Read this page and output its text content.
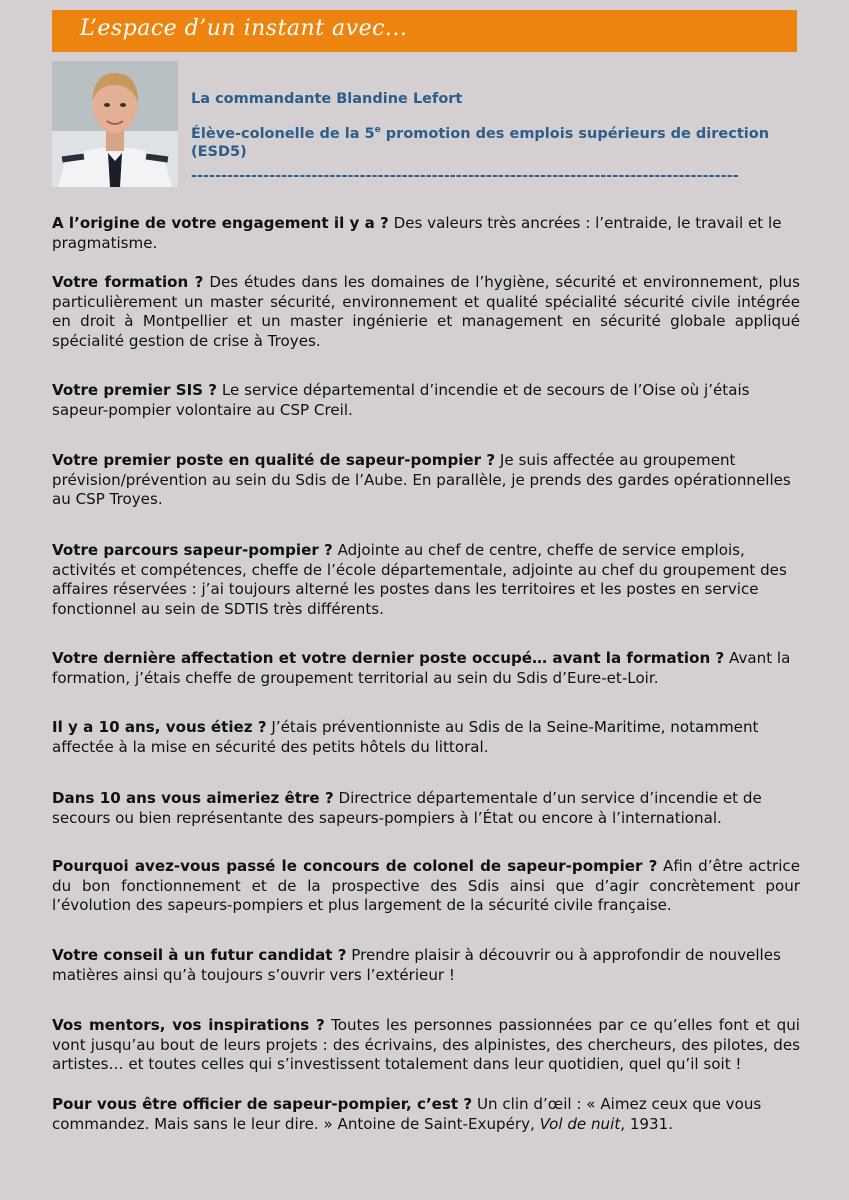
L’espace d’un instant avec...

La commandante Blandine Lefort

Élève-colonelle de la 5e promotion des emplois supérieurs de direction (ESD5)

-------------------------------------------------------------------------------------------

A l’origine de votre engagement il y a ? Des valeurs très ancrées : l’entraide, le travail et le pragmatisme.

Votre formation ? Des études dans les domaines de l’hygiène, sécurité et environnement, plus particulièrement un master sécurité, environnement et qualité spécialité sécurité civile intégrée en droit à Montpellier et un master ingénierie et management en sécurité globale appliqué spécialité gestion de crise à Troyes.

Votre premier SIS ? Le service départemental d’incendie et de secours de l’Oise où j’étais sapeur-pompier volontaire au CSP Creil.

Votre premier poste en qualité de sapeur-pompier ? Je suis affectée au groupement prévision/prévention au sein du Sdis de l’Aube. En parallèle, je prends des gardes opérationnelles au CSP Troyes.

Votre parcours sapeur-pompier ? Adjointe au chef de centre, cheffe de service emplois, activités et compétences, cheffe de l’école départementale, adjointe au chef du groupement des affaires réservées : j’ai toujours alterné les postes dans les territoires et les postes en service fonctionnel au sein de SDTIS très différents.

Votre dernière affectation et votre dernier poste occupé… avant la formation ? Avant la formation, j’étais cheffe de groupement territorial au sein du Sdis d’Eure-et-Loir.

Il y a 10 ans, vous étiez ? J’étais préventionniste au Sdis de la Seine-Maritime, notamment affectée à la mise en sécurité des petits hôtels du littoral.

Dans 10 ans vous aimeriez être ? Directrice départementale d’un service d’incendie et de secours ou bien représentante des sapeurs-pompiers à l’État ou encore à l’international.

Pourquoi avez-vous passé le concours de colonel de sapeur-pompier ? Afin d’être actrice du bon fonctionnement et de la prospective des Sdis ainsi que d’agir concrètement pour l’évolution des sapeurs-pompiers et plus largement de la sécurité civile française.

Votre conseil à un futur candidat ? Prendre plaisir à découvrir ou à approfondir de nouvelles matières ainsi qu’à toujours s’ouvrir vers l’extérieur !

Vos mentors, vos inspirations ? Toutes les personnes passionnées par ce qu’elles font et qui vont jusqu’au bout de leurs projets : des écrivains, des alpinistes, des chercheurs, des pilotes, des artistes… et toutes celles qui s’investissent totalement dans leur quotidien, quel qu’il soit !

Pour vous être officier de sapeur-pompier, c’est ? Un clin d’œil : « Aimez ceux que vous commandez. Mais sans le leur dire. » Antoine de Saint-Exupéry, Vol de nuit, 1931.
